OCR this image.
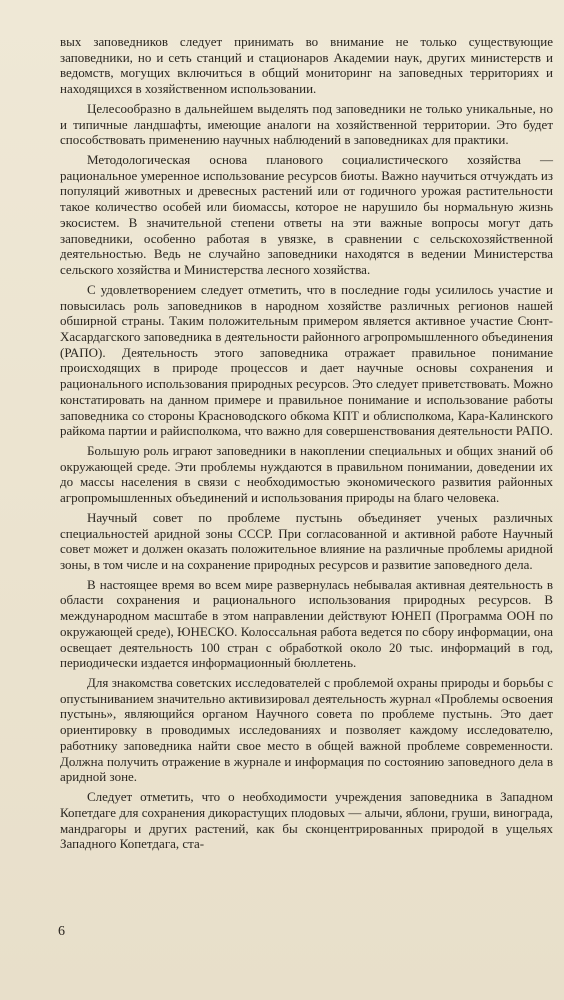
вых заповедников следует принимать во внимание не только существующие заповедники, но и сеть станций и стационаров Академии наук, других министерств и ведомств, могущих включиться в общий мониторинг на заповедных территориях и находящихся в хозяйственном использовании.

Целесообразно в дальнейшем выделять под заповедники не только уникальные, но и типичные ландшафты, имеющие аналоги на хозяйственной территории. Это будет способствовать применению научных наблюдений в заповедниках для практики.

Методологическая основа планового социалистического хозяйства — рациональное умеренное использование ресурсов биоты. Важно научиться отчуждать из популяций животных и древесных растений или от годичного урожая растительности такое количество особей или биомассы, которое не нарушило бы нормальную жизнь экосистем. В значительной степени ответы на эти важные вопросы могут дать заповедники, особенно работая в увязке, в сравнении с сельскохозяйственной деятельностью. Ведь не случайно заповедники находятся в ведении Министерства сельского хозяйства и Министерства лесного хозяйства.

С удовлетворением следует отметить, что в последние годы усилилось участие и повысилась роль заповедников в народном хозяйстве различных регионов нашей обширной страны. Таким положительным примером является активное участие Сюнт-Хасардагского заповедника в деятельности районного агропромышленного объединения (РАПО). Деятельность этого заповедника отражает правильное понимание происходящих в природе процессов и дает научные основы сохранения и рационального использования природных ресурсов. Это следует приветствовать. Можно констатировать на данном примере и правильное понимание и использование работы заповедника со стороны Красноводского обкома КПТ и облисполкома, Кара-Калинского райкома партии и райисполкома, что важно для совершенствования деятельности РАПО.

Большую роль играют заповедники в накоплении специальных и общих знаний об окружающей среде. Эти проблемы нуждаются в правильном понимании, доведении их до массы населения в связи с необходимостью экономического развития районных агропромышленных объединений и использования природы на благо человека.

Научный совет по проблеме пустынь объединяет ученых различных специальностей аридной зоны СССР. При согласованной и активной работе Научный совет может и должен оказать положительное влияние на различные проблемы аридной зоны, в том числе и на сохранение природных ресурсов и развитие заповедного дела.

В настоящее время во всем мире развернулась небывалая активная деятельность в области сохранения и рационального использования природных ресурсов. В международном масштабе в этом направлении действуют ЮНЕП (Программа ООН по окружающей среде), ЮНЕСКО. Колоссальная работа ведется по сбору информации, она освещает деятельность 100 стран с обработкой около 20 тыс. информаций в год, периодически издается информационный бюллетень.

Для знакомства советских исследователей с проблемой охраны природы и борьбы с опустыниванием значительно активизировал деятельность журнал «Проблемы освоения пустынь», являющийся органом Научного совета по проблеме пустынь. Это дает ориентировку в проводимых исследованиях и позволяет каждому исследователю, работнику заповедника найти свое место в общей важной проблеме современности. Должна получить отражение в журнале и информация по состоянию заповедного дела в аридной зоне.

Следует отметить, что о необходимости учреждения заповедника в Западном Копетдаге для сохранения дикорастущих плодовых — алычи, яблони, груши, винограда, мандрагоры и других растений, как бы сконцентрированных природой в ущельях Западного Копетдага, ста-

6
